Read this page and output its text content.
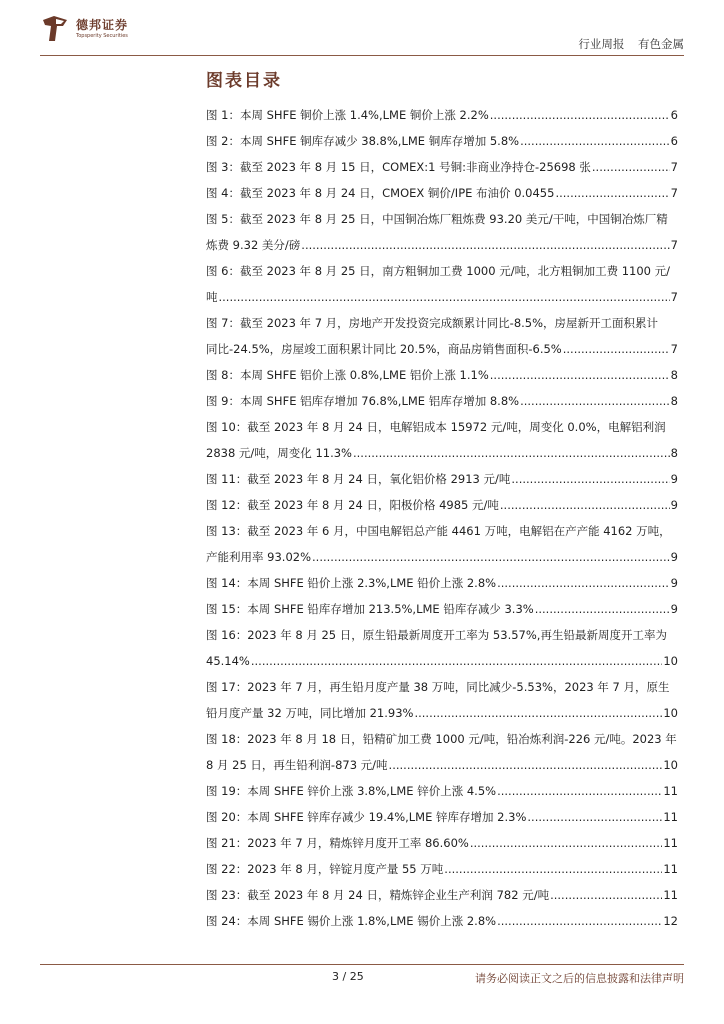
德邦证券
Topsperity Securities
行业周报 有色金属
图表目录
图 1：本周 SHFE 铜价上涨 1.4%,LME 铜价上涨 2.2% .....	6
图 2：本周 SHFE 铜库存减少 38.8%,LME 铜库存增加 5.8% .....	6
图 3：截至 2023 年 8 月 15 日，COMEX:1 号铜:非商业净持仓-25698 张 .....	7
图 4：截至 2023 年 8 月 24 日，CMOEX 铜价/IPE 布油价 0.0455 .....	7
图 5：截至 2023 年 8 月 25 日，中国铜冶炼厂粗炼费 93.20 美元/干吨，中国铜冶炼厂精
炼费 9.32 美分/磅 .....	7
图 6：截至 2023 年 8 月 25 日，南方粗铜加工费 1000 元/吨，北方粗铜加工费 1100 元/
吨 .....	7
图 7：截至 2023 年 7 月，房地产开发投资完成额累计同比-8.5%，房屋新开工面积累计
同比-24.5%，房屋竣工面积累计同比 20.5%，商品房销售面积-6.5% .....	7
图 8：本周 SHFE 铝价上涨 0.8%,LME 铝价上涨 1.1% .....	8
图 9：本周 SHFE 铝库存增加 76.8%,LME 铝库存增加 8.8% .....	8
图 10：截至 2023 年 8 月 24 日，电解铝成本 15972 元/吨，周变化 0.0%，电解铝利润
2838 元/吨，周变化 11.3% .....	8
图 11：截至 2023 年 8 月 24 日，氧化铝价格 2913 元/吨 .....	9
图 12：截至 2023 年 8 月 24 日，阳极价格 4985 元/吨 .....	9
图 13：截至 2023 年 6 月，中国电解铝总产能 4461 万吨，电解铝在产产能 4162 万吨，
产能利用率 93.02% .....	9
图 14：本周 SHFE 铅价上涨 2.3%,LME 铅价上涨 2.8% .....	9
图 15：本周 SHFE 铅库存增加 213.5%,LME 铅库存减少 3.3% .....	9
图 16：2023 年 8 月 25 日，原生铅最新周度开工率为 53.57%,再生铅最新周度开工率为
45.14% .....	10
图 17：2023 年 7 月，再生铅月度产量 38 万吨，同比减少-5.53%，2023 年 7 月，原生
铅月度产量 32 万吨，同比增加 21.93% .....	10
图 18：2023 年 8 月 18 日，铅精矿加工费 1000 元/吨，铅冶炼利润-226 元/吨。2023 年
8 月 25 日，再生铅利润-873 元/吨 .....	10
图 19：本周 SHFE 锌价上涨 3.8%,LME 锌价上涨 4.5% .....	11
图 20：本周 SHFE 锌库存减少 19.4%,LME 锌库存增加 2.3% .....	11
图 21：2023 年 7 月，精炼锌月度开工率 86.60% .....	11
图 22：2023 年 8 月，锌锭月度产量 55 万吨 .....	11
图 23：截至 2023 年 8 月 24 日，精炼锌企业生产利润 782 元/吨 .....	11
图 24：本周 SHFE 锡价上涨 1.8%,LME 锡价上涨 2.8% .....	12
3 / 25	请务必阅读正文之后的信息披露和法律声明
